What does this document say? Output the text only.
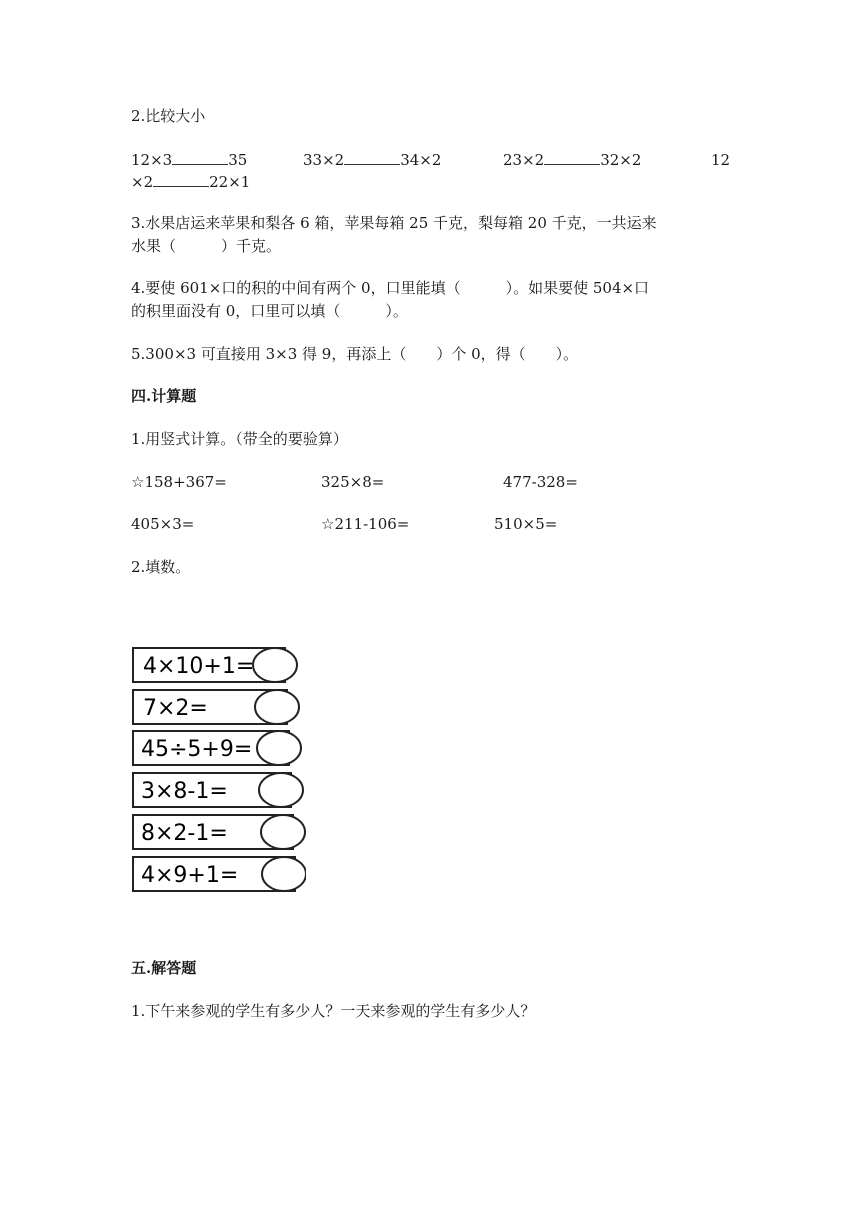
2.比较大小
12×3	35	33×2	34×2	23×2	32×2	12
×2	22×1
3.水果店运来苹果和梨各 6 箱，苹果每箱 25 千克，梨每箱 20 千克，一共运来
水果（　　　）千克。
4.要使 601×口的积的中间有两个 0，口里能填（　　　）。如果要使 504×口
的积里面没有 0，口里可以填（　　　）。
5.300×3 可直接用 3×3 得 9，再添上（　　）个 0，得（　　）。
四.计算题
1.用竖式计算。（带全的要验算）
☆158+367=	325×8=	477-328=
405×3=	☆211-106=	510×5=
2.填数。
4×10+1=
7×2=
45÷5+9=
3×8-1=
8×2-1=
4×9+1=
五.解答题
1.下午来参观的学生有多少人？一天来参观的学生有多少人？
